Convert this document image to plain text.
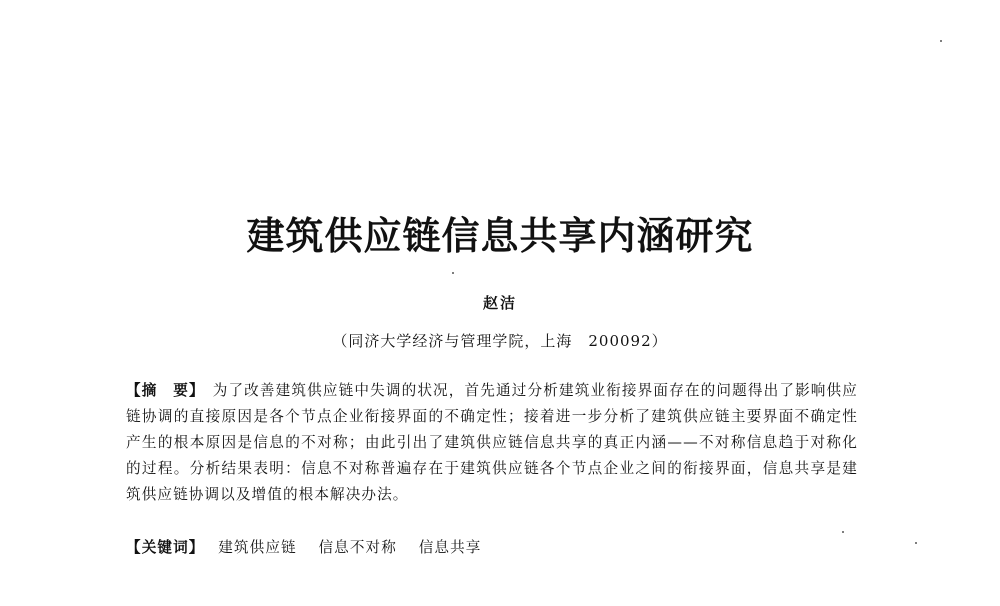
建筑供应链信息共享内涵研究
赵洁
（同济大学经济与管理学院，上海 200092）

【摘　要】 为了改善建筑供应链中失调的状况，首先通过分析建筑业衔接界面存在的问题得出了影响供应链协调的直接原因是各个节点企业衔接界面的不确定性；接着进一步分析了建筑供应链主要界面不确定性产生的根本原因是信息的不对称；由此引出了建筑供应链信息共享的真正内涵——不对称信息趋于对称化的过程。分析结果表明：信息不对称普遍存在于建筑供应链各个节点企业之间的衔接界面，信息共享是建筑供应链协调以及增值的根本解决办法。

【关键词】 建筑供应链 信息不对称 信息共享
